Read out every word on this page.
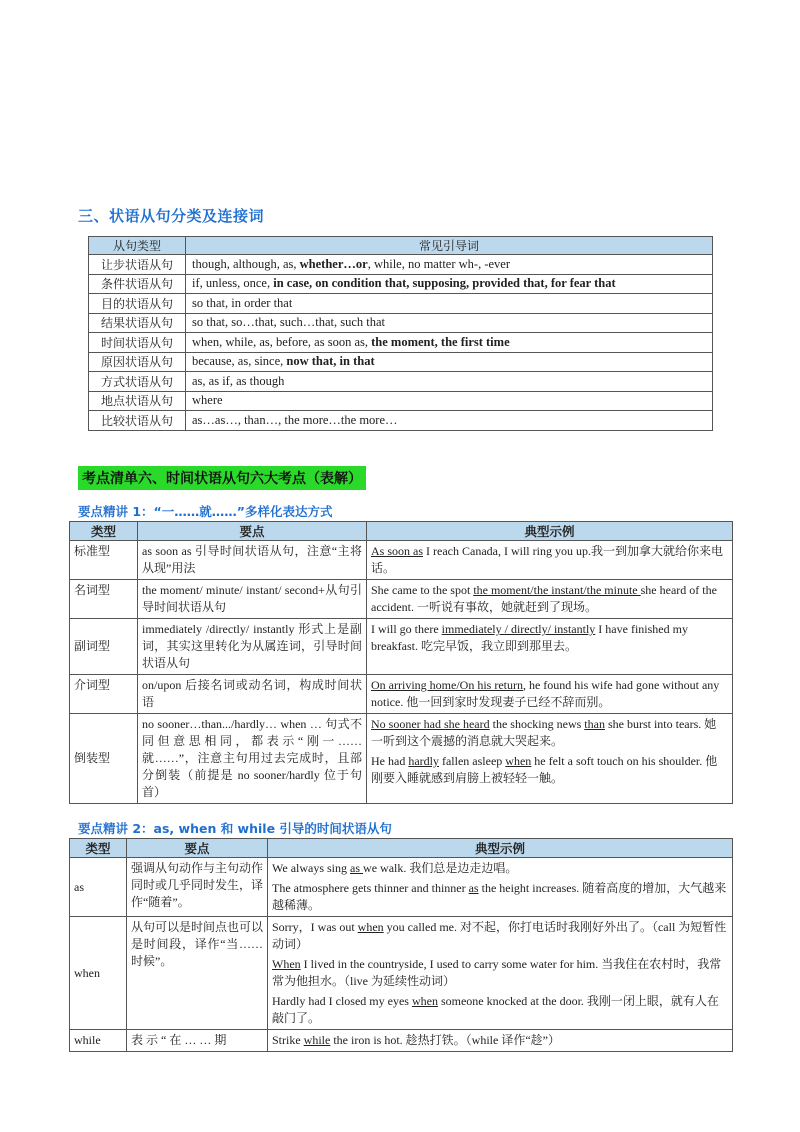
三、状语从句分类及连接词
从句类型	常见引导词
让步状语从句	though, although, as, whether…or, while, no matter wh-, -ever
条件状语从句	if, unless, once, in case, on condition that, supposing, provided that, for fear that
目的状语从句	so that, in order that
结果状语从句	so that, so…that, such…that, such that
时间状语从句	when, while, as, before, as soon as, the moment, the first time
原因状语从句	because, as, since, now that, in that
方式状语从句	as, as if, as though
地点状语从句	where
比较状语从句	as…as…, than…, the more…the more…
考点清单六、时间状语从句六大考点（表解）
要点精讲 1：“一……就……”多样化表达方式
类型	要点	典型示例
标准型	as soon as 引导时间状语从句，注意“主将从现”用法	As soon as I reach Canada, I will ring you up.我一到加拿大就给你来电话。
名词型	the moment/ minute/ instant/ second+从句引导时间状语从句	She came to the spot the moment/the instant/the minute she heard of the accident. 一听说有事故，她就赶到了现场。
副词型	immediately /directly/ instantly 形式上是副词，其实这里转化为从属连词，引导时间状语从句	I will go there immediately / directly/ instantly I have finished my breakfast. 吃完早饭，我立即到那里去。
介词型	on/upon 后接名词或动名词，构成时间状语	On arriving home/On his return, he found his wife had gone without any notice. 他一回到家时发现妻子已经不辞而别。
倒装型	no sooner…than.../hardly… when … 句式不同但意思相同，都表示“刚一……就……”，注意主句用过去完成时，且部分倒装（前提是 no sooner/hardly 位于句首）	No sooner had she heard the shocking news than she burst into tears. 她一听到这个震撼的消息就大哭起来。
He had hardly fallen asleep when he felt a soft touch on his shoulder. 他刚要入睡就感到肩膀上被轻轻一触。
要点精讲 2：as, when 和 while 引导的时间状语从句
类型	要点	典型示例
as	强调从句动作与主句动作同时或几乎同时发生，译作“随着”。	We always sing as we walk. 我们总是边走边唱。
The atmosphere gets thinner and thinner as the height increases. 随着高度的增加，大气越来越稀薄。

when	从句可以是时间点也可以是时间段，译作“当……时候”。	Sorry，I was out when you called me. 对不起，你打电话时我刚好外出了。（call 为短暂性动词）
When I lived in the countryside, I used to carry some water for him. 当我住在农村时，我常常为他担水。（live 为延续性动词）
Hardly had I closed my eyes when someone knocked at the door. 我刚一闭上眼，就有人在敲门了。

while	表 示 “ 在 … … 期	Strike while the iron is hot. 趁热打铁。（while 译作“趁”）
